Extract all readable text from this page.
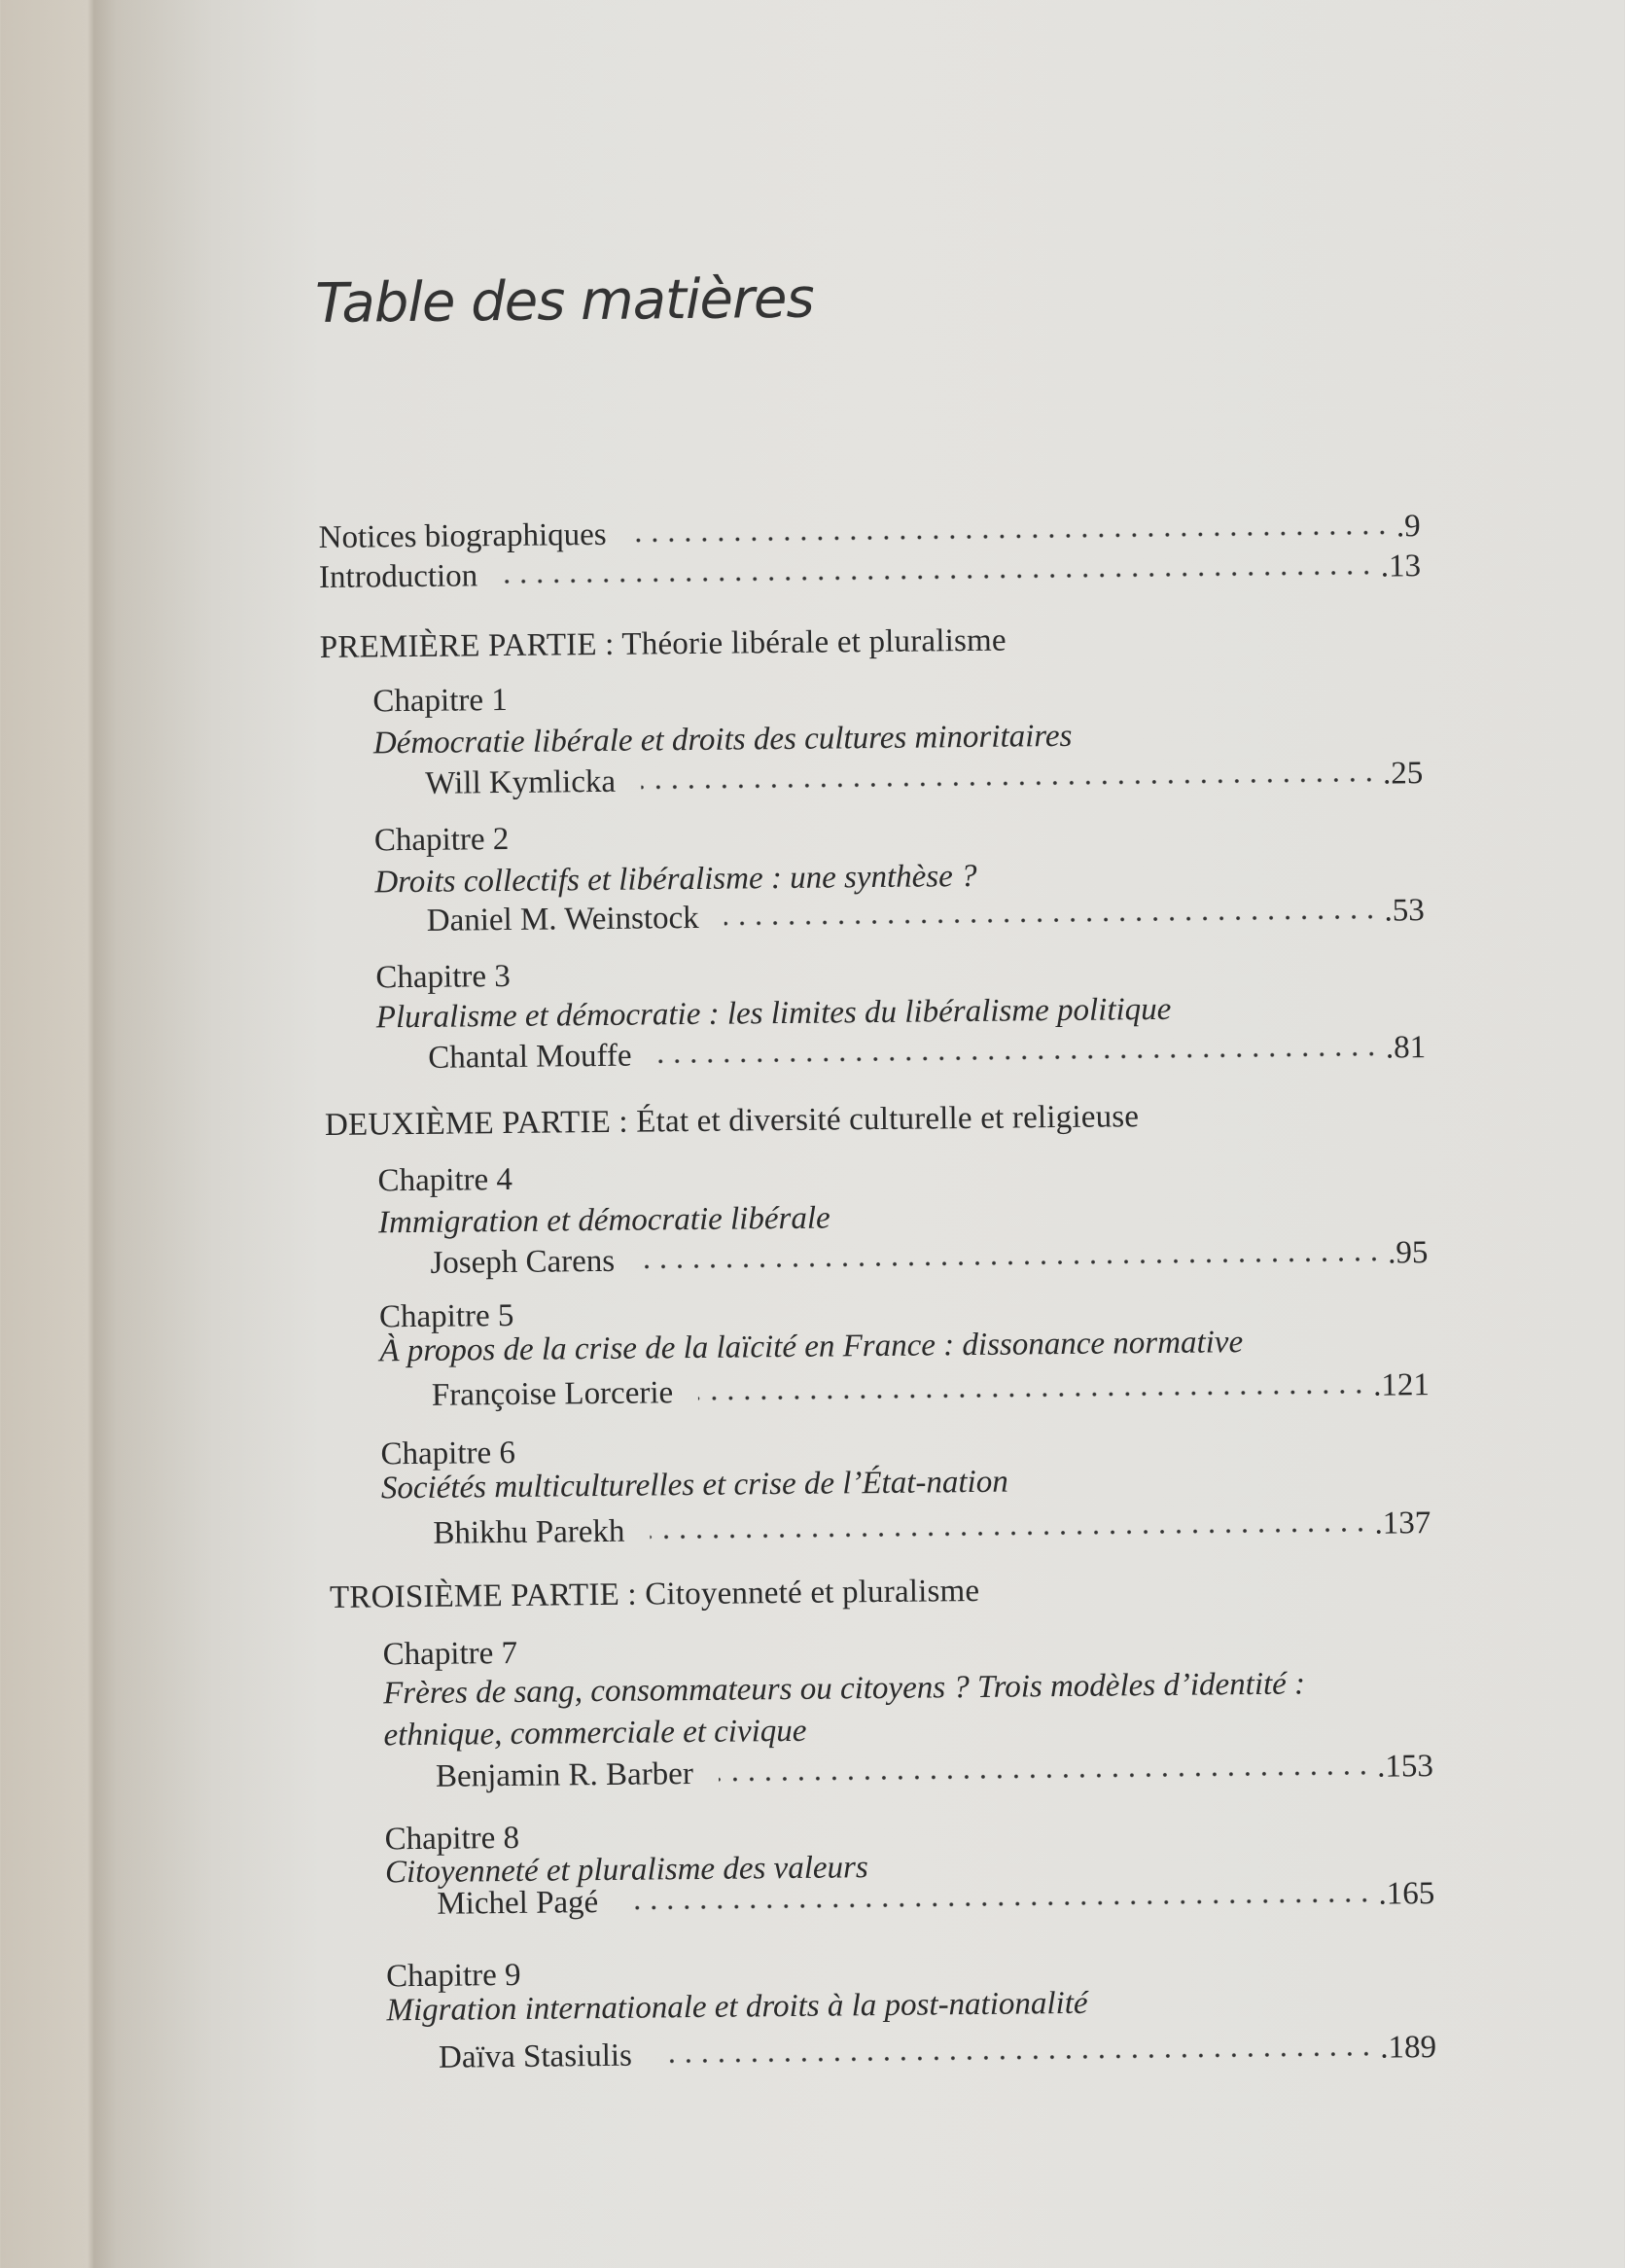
Table des matières
Notices biographiques	.9
Introduction	.13
PREMIÈRE PARTIE : Théorie libérale et pluralisme
Chapitre 1
Démocratie libérale et droits des cultures minoritaires
Will Kymlicka	.25
Chapitre 2
Droits collectifs et libéralisme : une synthèse ?
Daniel M. Weinstock	.53
Chapitre 3
Pluralisme et démocratie : les limites du libéralisme politique
Chantal Mouffe	.81
DEUXIÈME PARTIE : État et diversité culturelle et religieuse
Chapitre 4
Immigration et démocratie libérale
Joseph Carens	.95
Chapitre 5
À propos de la crise de la laïcité en France : dissonance normative
Françoise Lorcerie	.121
Chapitre 6
Sociétés multiculturelles et crise de l’État-nation
Bhikhu Parekh	.137
TROISIÈME PARTIE : Citoyenneté et pluralisme
Chapitre 7
Frères de sang, consommateurs ou citoyens ? Trois modèles d’identité :
ethnique, commerciale et civique
Benjamin R. Barber	.153
Chapitre 8
Citoyenneté et pluralisme des valeurs
Michel Pagé	.165
Chapitre 9
Migration internationale et droits à la post-nationalité
Daïva Stasiulis	.189
